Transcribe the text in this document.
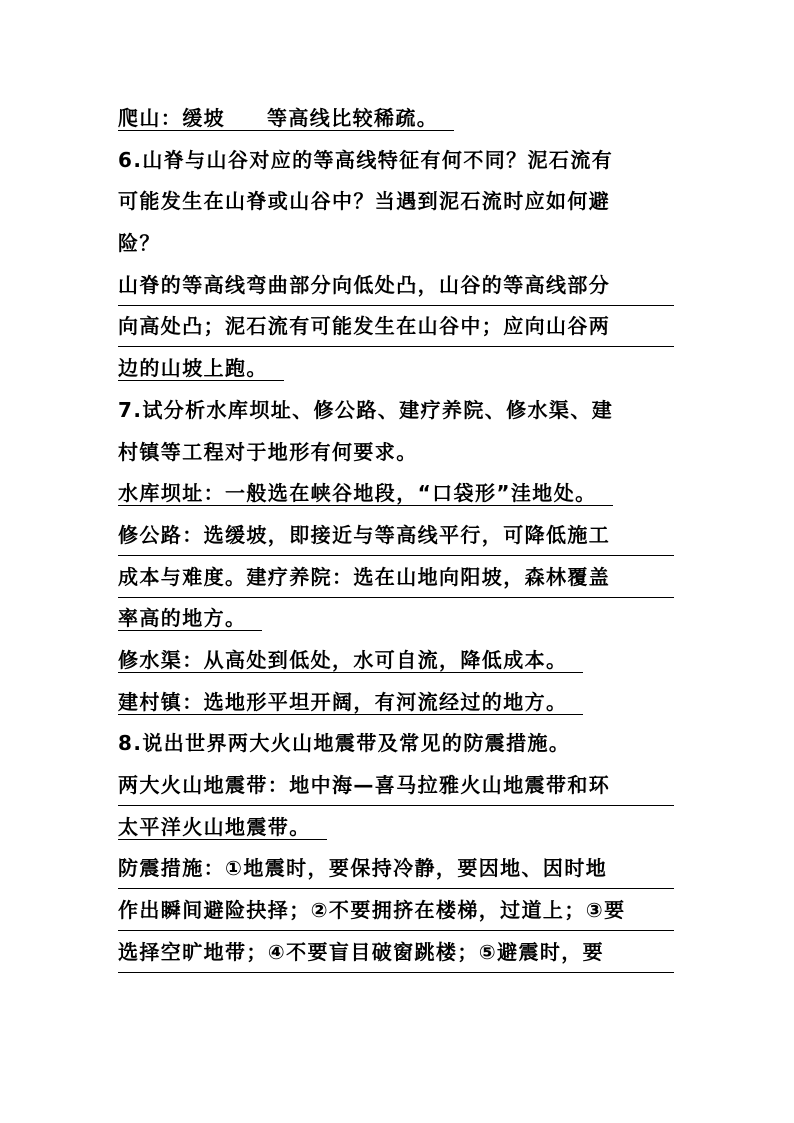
爬山：缓坡 等高线比较稀疏。
6.山脊与山谷对应的等高线特征有何不同？泥石流有
可能发生在山脊或山谷中？当遇到泥石流时应如何避
险？
山脊的等高线弯曲部分向低处凸，山谷的等高线部分
向高处凸；泥石流有可能发生在山谷中；应向山谷两
边的山坡上跑。
7.试分析水库坝址、修公路、建疗养院、修水渠、建
村镇等工程对于地形有何要求。
水库坝址：一般选在峡谷地段，“口袋形”洼地处。
修公路：选缓坡，即接近与等高线平行，可降低施工
成本与难度。建疗养院：选在山地向阳坡，森林覆盖
率高的地方。
修水渠：从高处到低处，水可自流，降低成本。
建村镇：选地形平坦开阔，有河流经过的地方。
8.说出世界两大火山地震带及常见的防震措施。
两大火山地震带：地中海—喜马拉雅火山地震带和环
太平洋火山地震带。
防震措施：①地震时，要保持冷静，要因地、因时地
作出瞬间避险抉择；②不要拥挤在楼梯，过道上；③要
选择空旷地带；④不要盲目破窗跳楼；⑤避震时，要
